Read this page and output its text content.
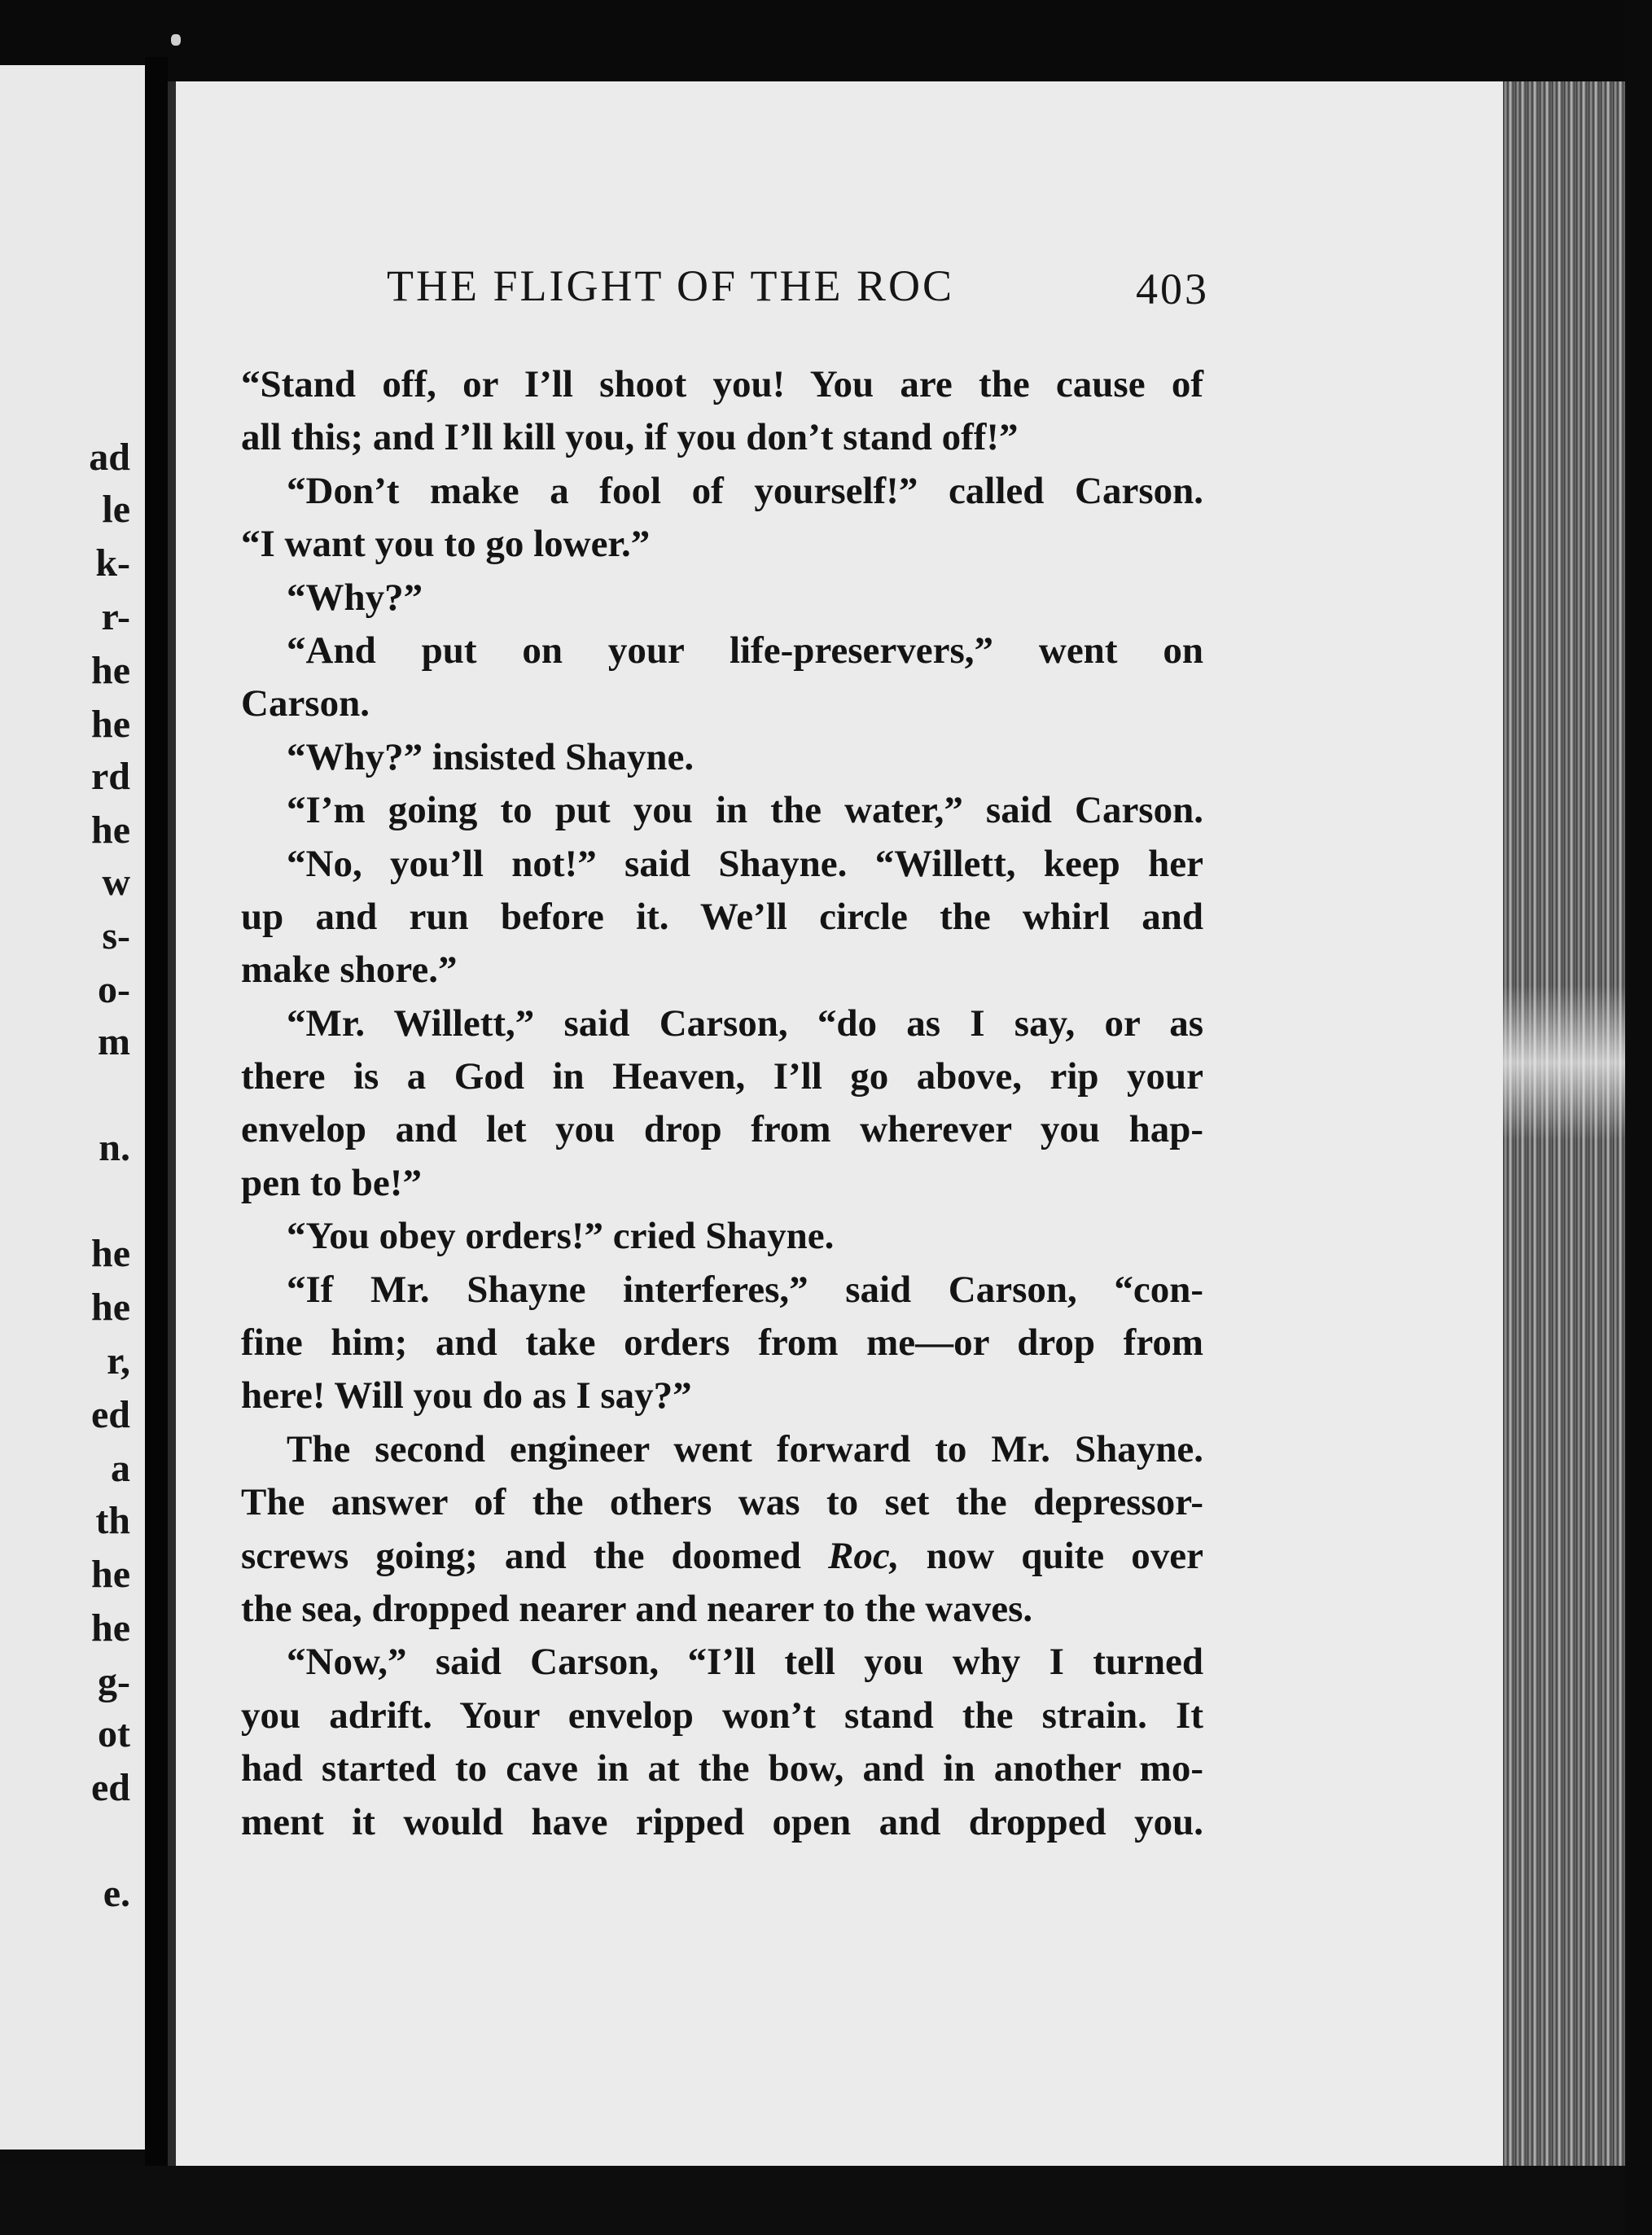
ad
le
k-
r-
he
he
rd
he
w
s-
o-
m
n.
he
he
r,
ed
a
th
he
he
g-
ot
ed
e.
THE FLIGHT OF THE ROC	403
“Stand off, or I’ll shoot you! You are the cause of
all this; and I’ll kill you, if you don’t stand off!”
“Don’t make a fool of yourself!” called Carson.
“I want you to go lower.”
“Why?”
“And put on your life-preservers,” went on
Carson.
“Why?” insisted Shayne.
“I’m going to put you in the water,” said Carson.
“No, you’ll not!” said Shayne. “Willett, keep her
up and run before it. We’ll circle the whirl and
make shore.”
“Mr. Willett,” said Carson, “do as I say, or as
there is a God in Heaven, I’ll go above, rip your
envelop and let you drop from wherever you hap-
pen to be!”
“You obey orders!” cried Shayne.
“If Mr. Shayne interferes,” said Carson, “con-
fine him; and take orders from me—or drop from
here! Will you do as I say?”
The second engineer went forward to Mr. Shayne.
The answer of the others was to set the depressor-
screws going; and the doomed Roc, now quite over
the sea, dropped nearer and nearer to the waves.
“Now,” said Carson, “I’ll tell you why I turned
you adrift. Your envelop won’t stand the strain. It
had started to cave in at the bow, and in another mo-
ment it would have ripped open and dropped you.
